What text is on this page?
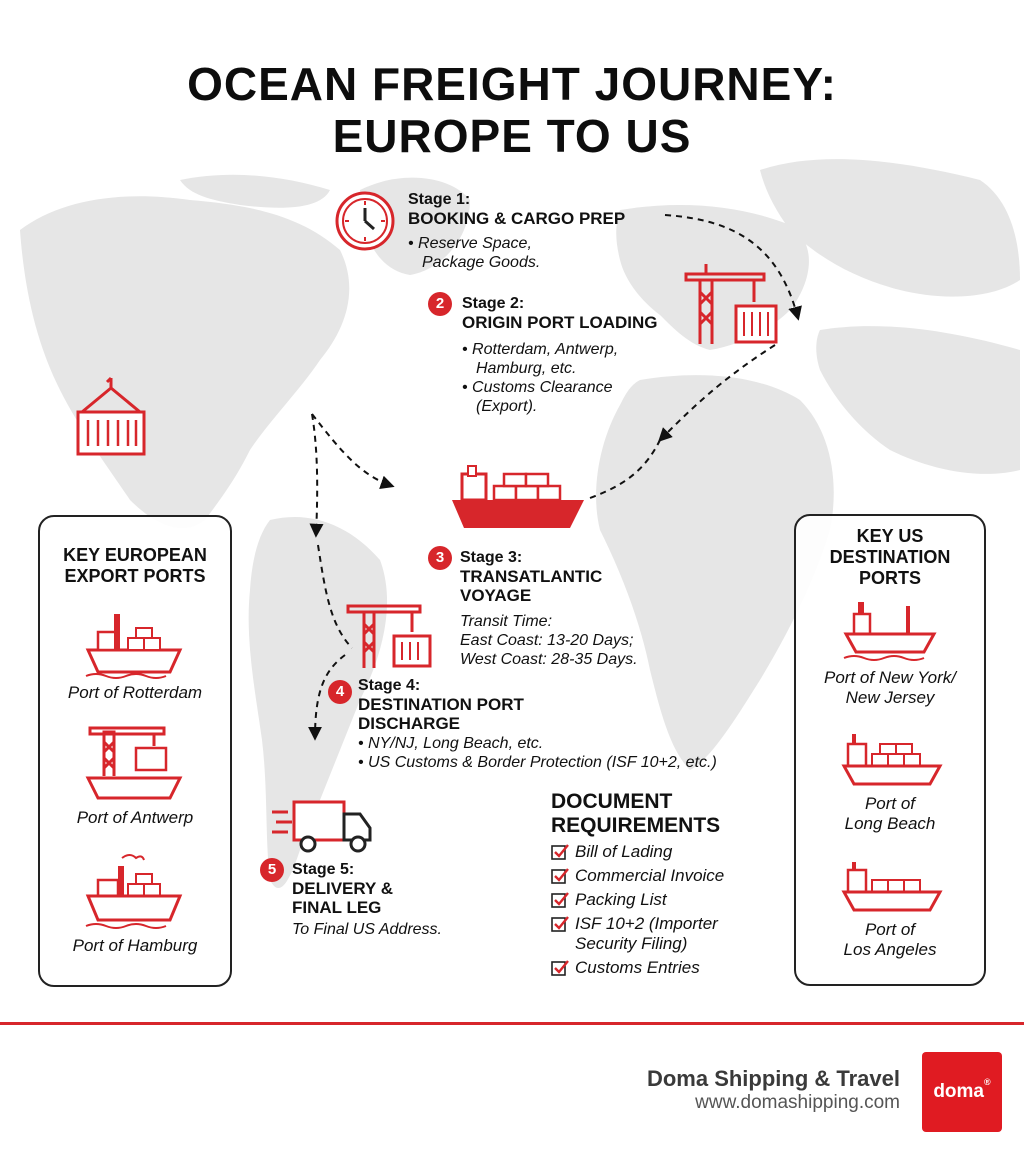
OCEAN FREIGHT JOURNEY:
EUROPE TO US
Stage 1:
BOOKING & CARGO PREP
• Reserve Space,
Package Goods.
2	Stage 2:
ORIGIN PORT LOADING
• Rotterdam, Antwerp,
Hamburg, etc.
• Customs Clearance
(Export).
3 Stage 3:
TRANSATLANTIC
VOYAGE
Transit Time:
East Coast: 13-20 Days;
West Coast: 28-35 Days.
4 Stage 4:
DESTINATION PORT
DISCHARGE
• NY/NJ, Long Beach, etc.
• US Customs & Border Protection (ISF 10+2, etc.)
5 Stage 5:
DELIVERY &
FINAL LEG
To Final US Address.
KEY EUROPEAN
EXPORT PORTS
Port of Rotterdam
Port of Antwerp
Port of Hamburg
KEY US
DESTINATION
PORTS
Port of New York/
New Jersey
Port of
Long Beach
Port of
Los Angeles
DOCUMENT
REQUIREMENTS
Bill of Lading
Commercial Invoice
Packing List
ISF 10+2 (Importer
Security Filing)
Customs Entries
Doma Shipping & Travel
www.domashipping.com
doma®
